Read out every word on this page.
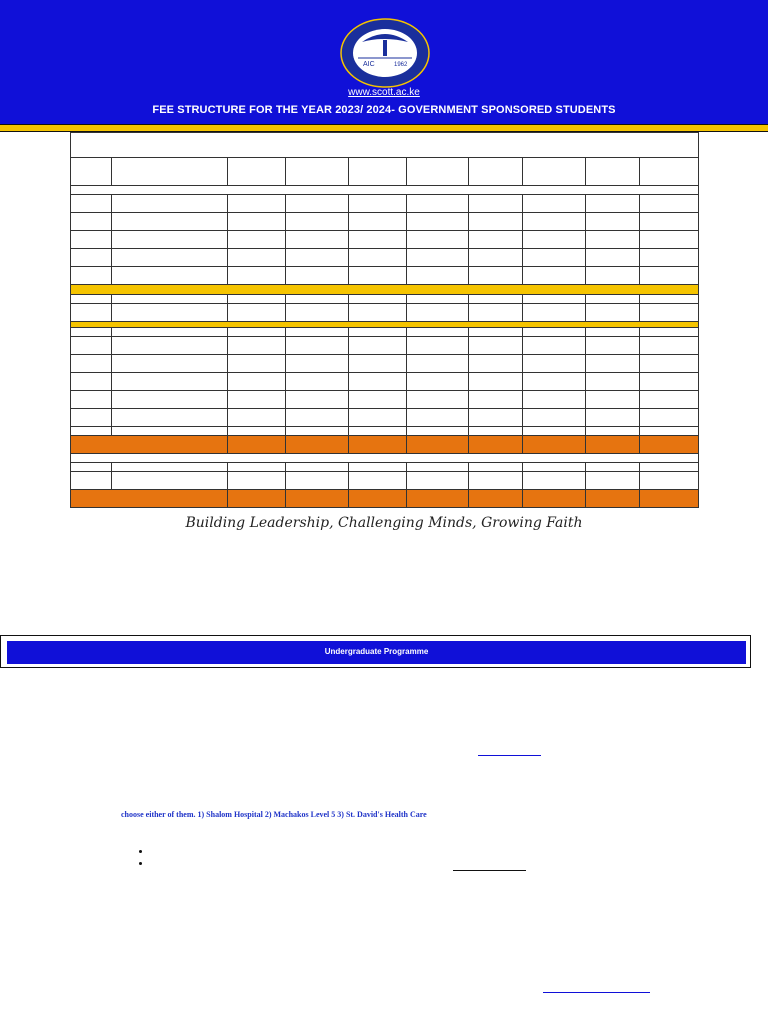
AIC	1962
www.scott.ac.ke
FEE STRUCTURE FOR THE YEAR 2023/ 2024- GOVERNMENT SPONSORED STUDENTS

Building Leadership, Challenging Minds, Growing Faith
Undergraduate Programme
choose either of them. 1) Shalom Hospital 2) Machakos Level 5 3) St. David's Health Care
